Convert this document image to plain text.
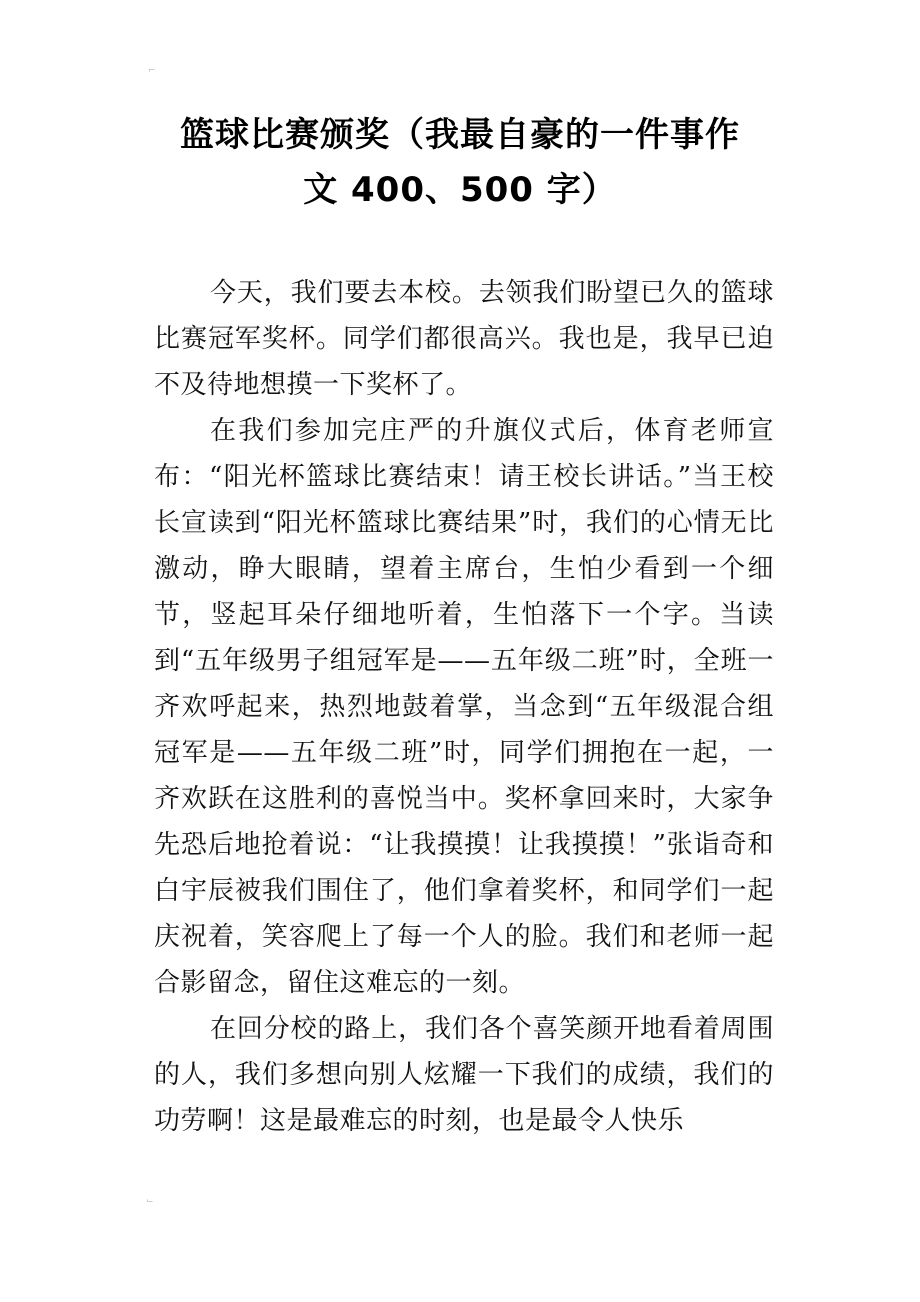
⌐
篮球比赛颁奖（我最自豪的一件事作
文 400、500 字）

今天，我们要去本校。去领我们盼望已久的篮球比赛冠军奖杯。同学们都很高兴。我也是，我早已迫不及待地想摸一下奖杯了。

在我们参加完庄严的升旗仪式后，体育老师宣布：“阳光杯篮球比赛结束！请王校长讲话。”当王校长宣读到“阳光杯篮球比赛结果”时，我们的心情无比激动，睁大眼睛，望着主席台，生怕少看到一个细节，竖起耳朵仔细地听着，生怕落下一个字。当读到“五年级男子组冠军是——五年级二班”时，全班一齐欢呼起来，热烈地鼓着掌，当念到“五年级混合组冠军是——五年级二班”时，同学们拥抱在一起，一齐欢跃在这胜利的喜悦当中。奖杯拿回来时，大家争先恐后地抢着说：“让我摸摸！让我摸摸！”张诣奇和白宇辰被我们围住了，他们拿着奖杯，和同学们一起庆祝着，笑容爬上了每一个人的脸。我们和老师一起合影留念，留住这难忘的一刻。

在回分校的路上，我们各个喜笑颜开地看着周围的人，我们多想向别人炫耀一下我们的成绩，我们的功劳啊！这是最难忘的时刻，也是最令人快乐

⌙
